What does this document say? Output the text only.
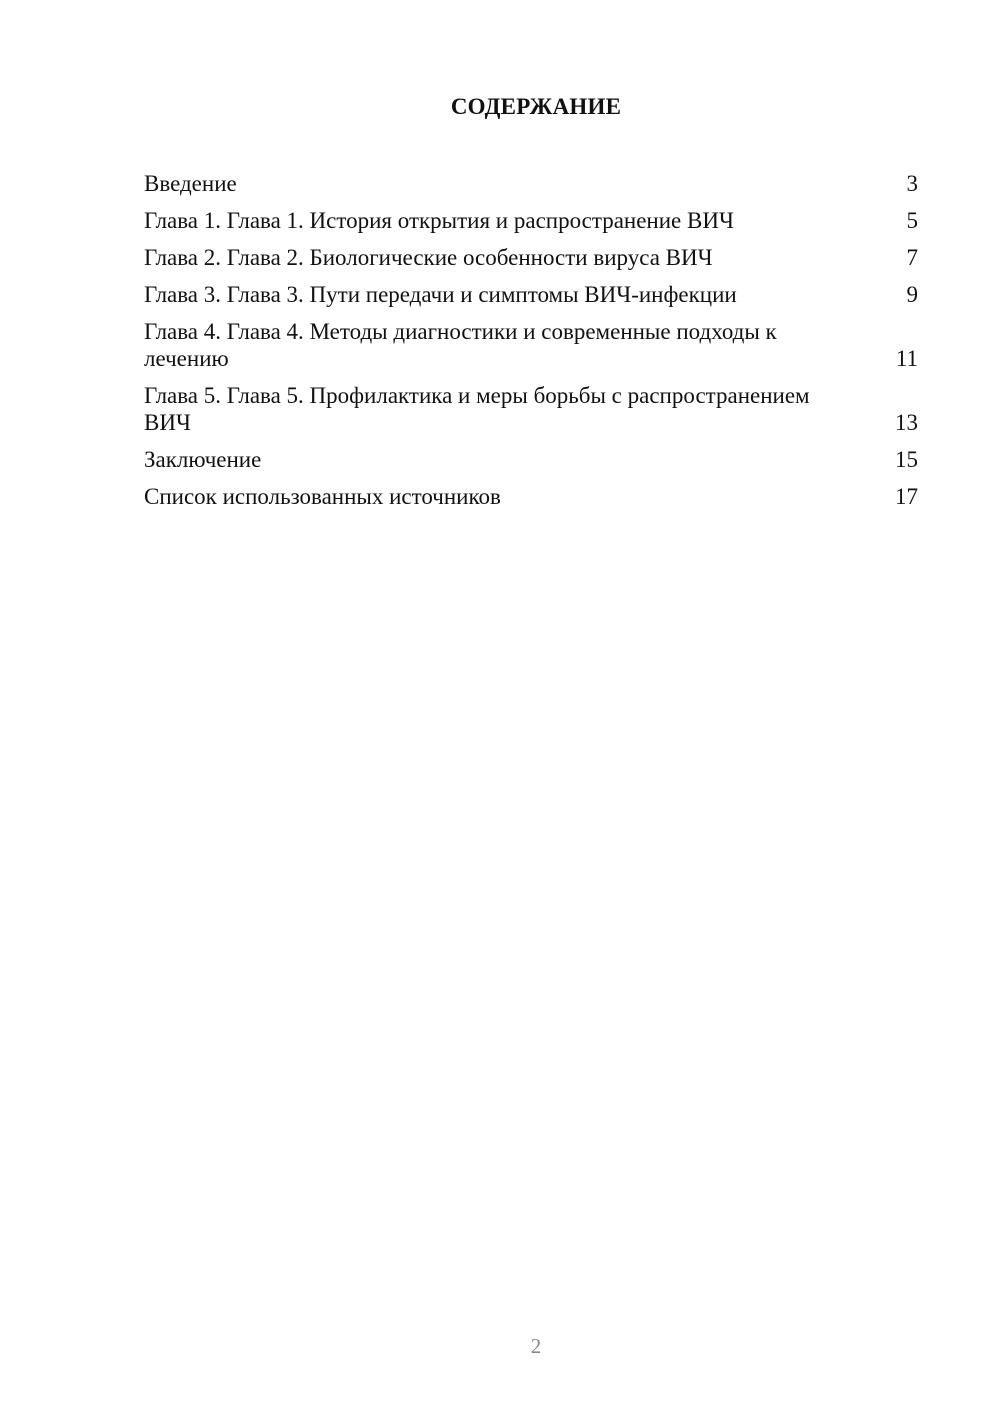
СОДЕРЖАНИЕ
Введение	3
Глава 1. Глава 1. История открытия и распространение ВИЧ	5
Глава 2. Глава 2. Биологические особенности вируса ВИЧ	7
Глава 3. Глава 3. Пути передачи и симптомы ВИЧ-инфекции	9
Глава 4. Глава 4. Методы диагностики и современные подходы к лечению	11
Глава 5. Глава 5. Профилактика и меры борьбы с распространением ВИЧ	13
Заключение	15
Список использованных источников	17
2
